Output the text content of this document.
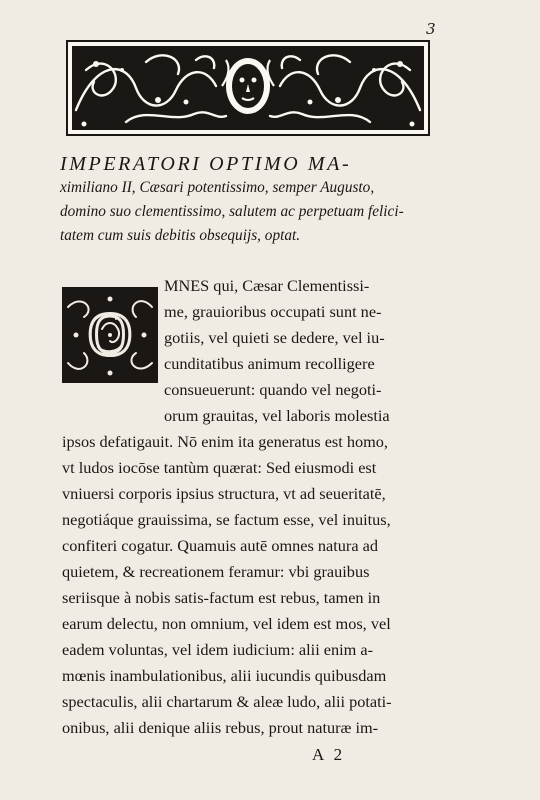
3
IMPERATORI OPTIMO MA-
ximiliano II, Cæsari potentissimo, semper Augusto,
domino suo clementissimo, salutem ac perpetuam felici-
tatem cum suis debitis obsequijs, optat.
O
MNES qui, Cæsar Clementissi-
me, grauioribus occupati sunt ne-
gotiis, vel quieti se dedere, vel iu-
cunditatibus animum recolligere
consueuerunt: quando vel negoti-
orum grauitas, vel laboris molestia
ipsos defatigauit. Nō enim ita generatus est homo,
vt ludos iocōse tantùm quærat: Sed eiusmodi est
vniuersi corporis ipsius structura, vt ad seueritatē,
negotiáque grauissima, se factum esse, vel inuitus,
confiteri cogatur. Quamuis autē omnes natura ad
quietem, & recreationem feramur: vbi grauibus
seriisque à nobis satis-factum est rebus, tamen in
earum delectu, non omnium, vel idem est mos, vel
eadem voluntas, vel idem iudicium: alii enim a-
mœnis inambulationibus, alii iucundis quibusdam
spectaculis, alii chartarum & aleæ ludo, alii potati-
onibus, alii denique aliis rebus, prout naturæ im-
A 2
